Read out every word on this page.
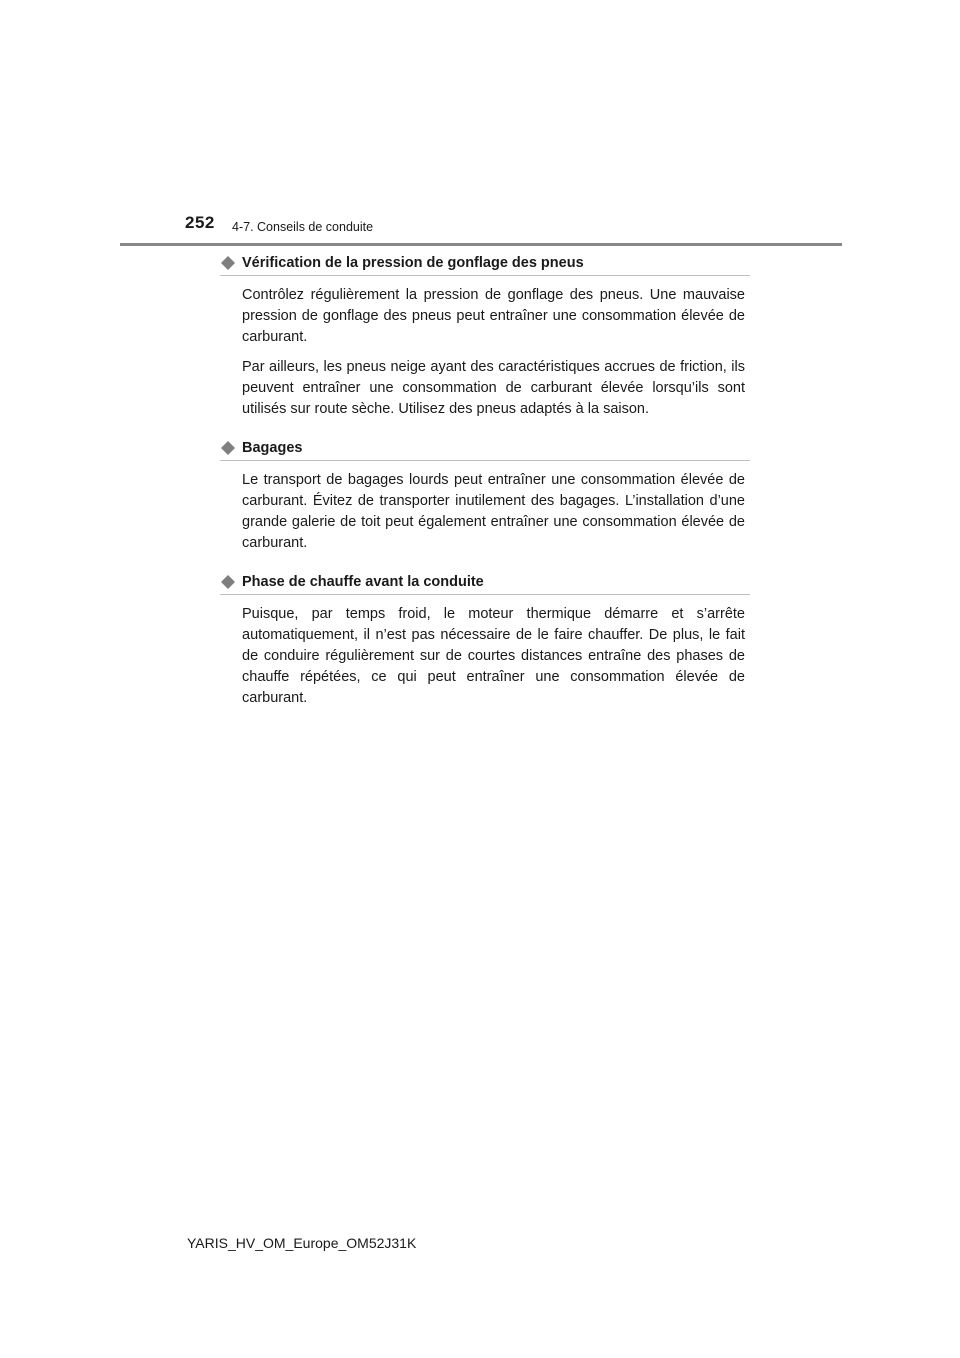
252 4-7. Conseils de conduite
Vérification de la pression de gonflage des pneus

Contrôlez régulièrement la pression de gonflage des pneus. Une mauvaise pression de gonflage des pneus peut entraîner une consommation élevée de carburant.

Par ailleurs, les pneus neige ayant des caractéristiques accrues de friction, ils peuvent entraîner une consommation de carburant élevée lorsqu’ils sont utilisés sur route sèche. Utilisez des pneus adaptés à la saison.

Bagages

Le transport de bagages lourds peut entraîner une consommation élevée de carburant. Évitez de transporter inutilement des bagages. L’installation d’une grande galerie de toit peut également entraîner une consommation élevée de carburant.

Phase de chauffe avant la conduite

Puisque, par temps froid, le moteur thermique démarre et s’arrête automatiquement, il n’est pas nécessaire de le faire chauffer. De plus, le fait de conduire régulièrement sur de courtes distances entraîne des phases de chauffe répétées, ce qui peut entraîner une consommation élevée de carburant.

YARIS_HV_OM_Europe_OM52J31K
